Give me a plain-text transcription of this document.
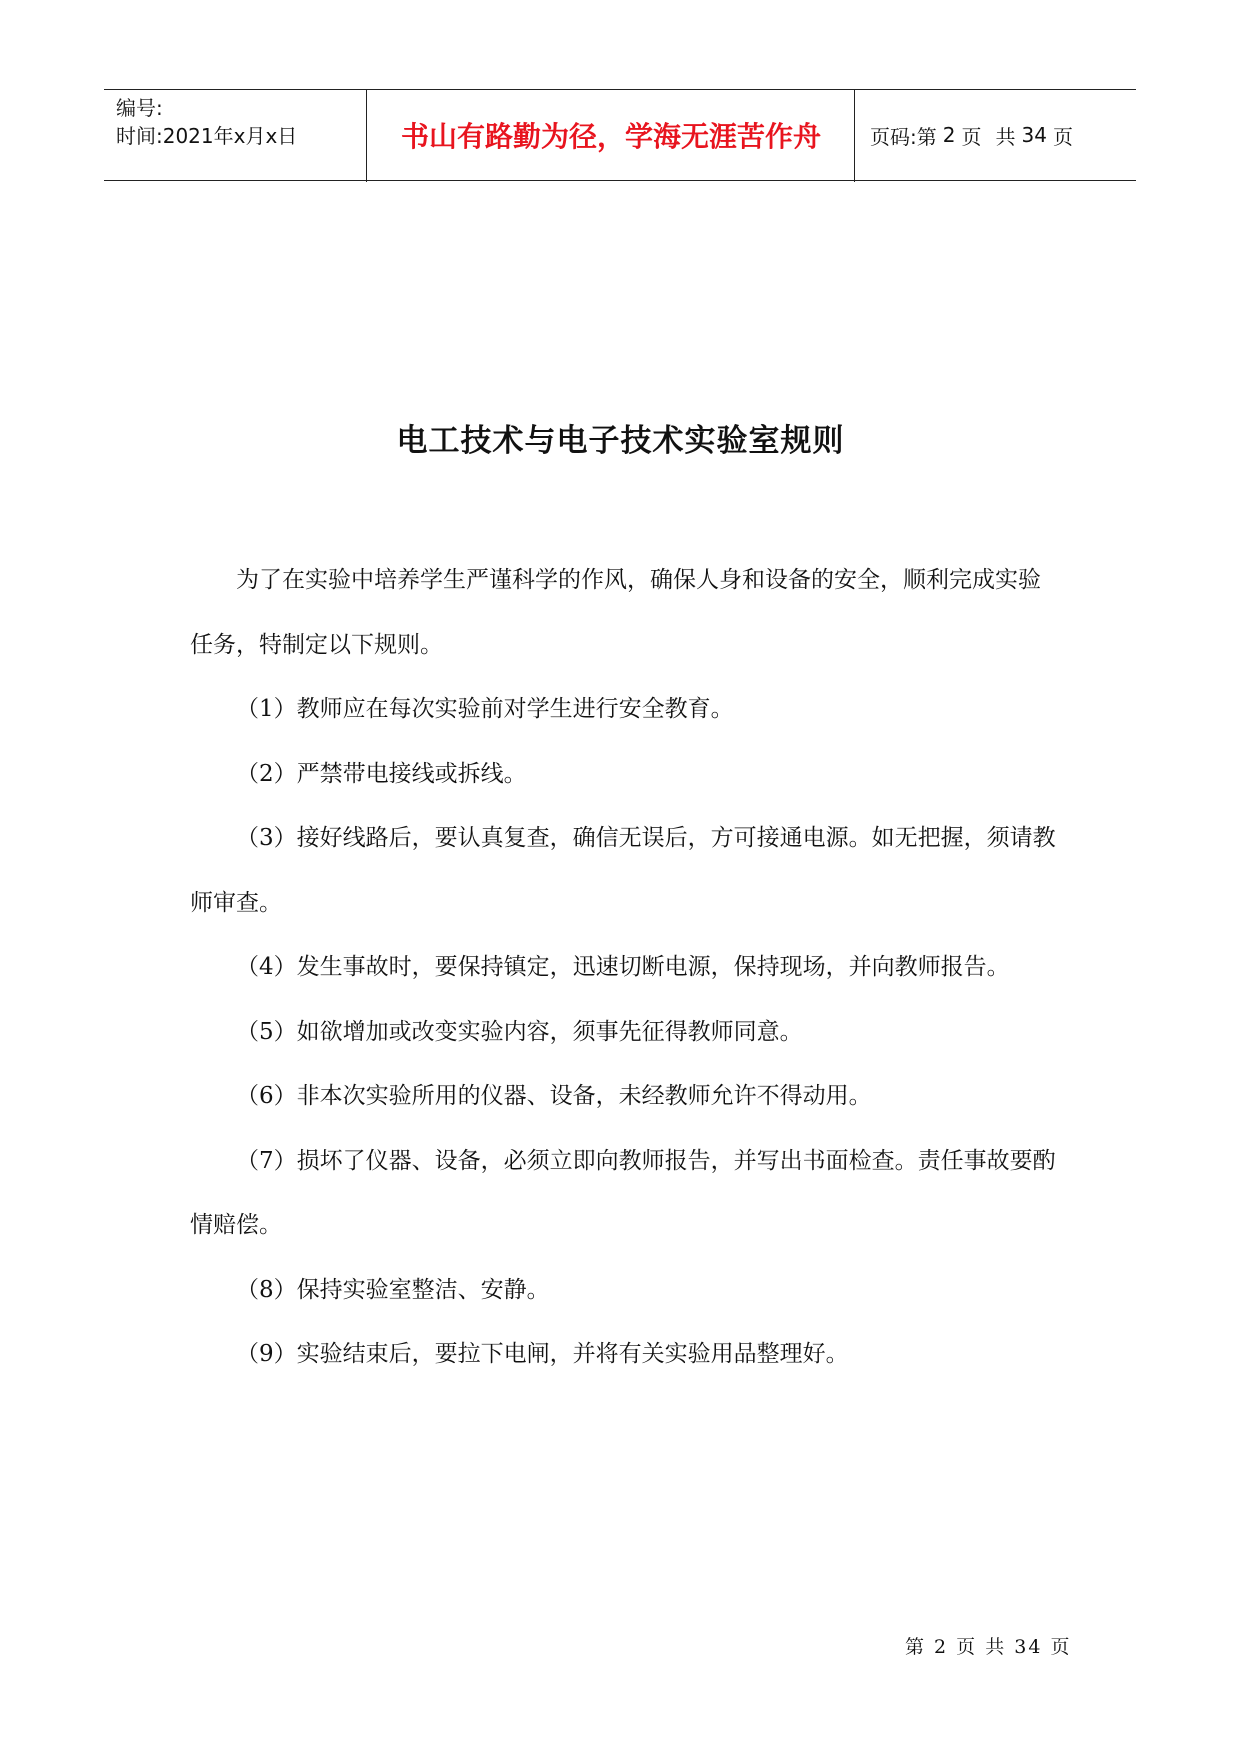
编号:
时间:2021年x月x日	书山有路勤为径，学海无涯苦作舟	页码:第 2 页 共 34 页
电工技术与电子技术实验室规则

为了在实验中培养学生严谨科学的作风，确保人身和设备的安全，顺利完成实验任务，特制定以下规则。

（1）教师应在每次实验前对学生进行安全教育。

（2）严禁带电接线或拆线。

（3）接好线路后，要认真复查，确信无误后，方可接通电源。如无把握，须请教师审查。

（4）发生事故时，要保持镇定，迅速切断电源，保持现场，并向教师报告。

（5）如欲增加或改变实验内容，须事先征得教师同意。

（6）非本次实验所用的仪器、设备，未经教师允许不得动用。

（7）损坏了仪器、设备，必须立即向教师报告，并写出书面检查。责任事故要酌情赔偿。

（8）保持实验室整洁、安静。

（9）实验结束后，要拉下电闸，并将有关实验用品整理好。

第 2 页 共 34 页
